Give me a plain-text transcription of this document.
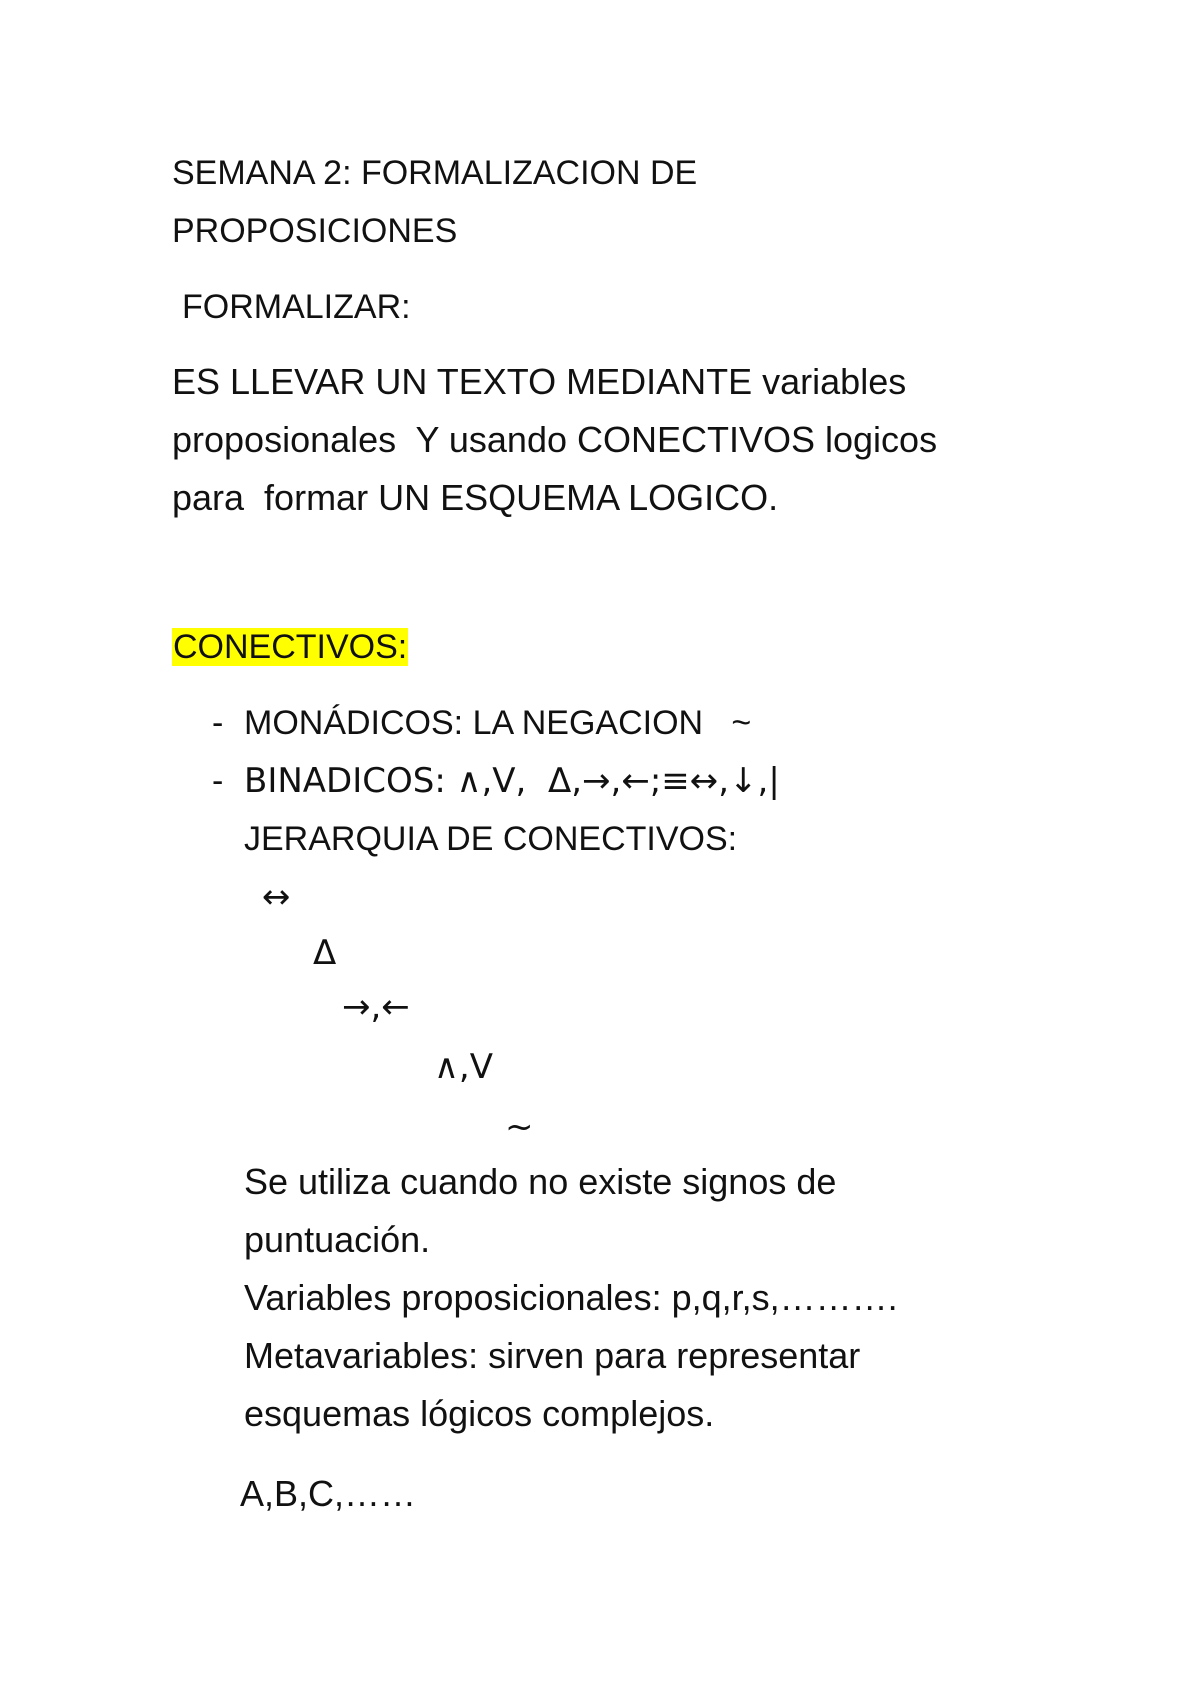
SEMANA 2: FORMALIZACION DE
PROPOSICIONES
FORMALIZAR:
ES LLEVAR UN TEXTO MEDIANTE variables
proposionales  Y usando CONECTIVOS logicos
para  formar UN ESQUEMA LOGICO.
CONECTIVOS:
- MONÁDICOS: LA NEGACION   ~
- BINADICOS: ∧,V,  Δ,→,←;≡↔,↓,|
JERARQUIA DE CONECTIVOS:
↔
Δ
→,←
∧,V
~
Se utiliza cuando no existe signos de
puntuación.
Variables proposicionales: p,q,r,s,……….
Metavariables: sirven para representar
esquemas lógicos complejos.
A,B,C,……
